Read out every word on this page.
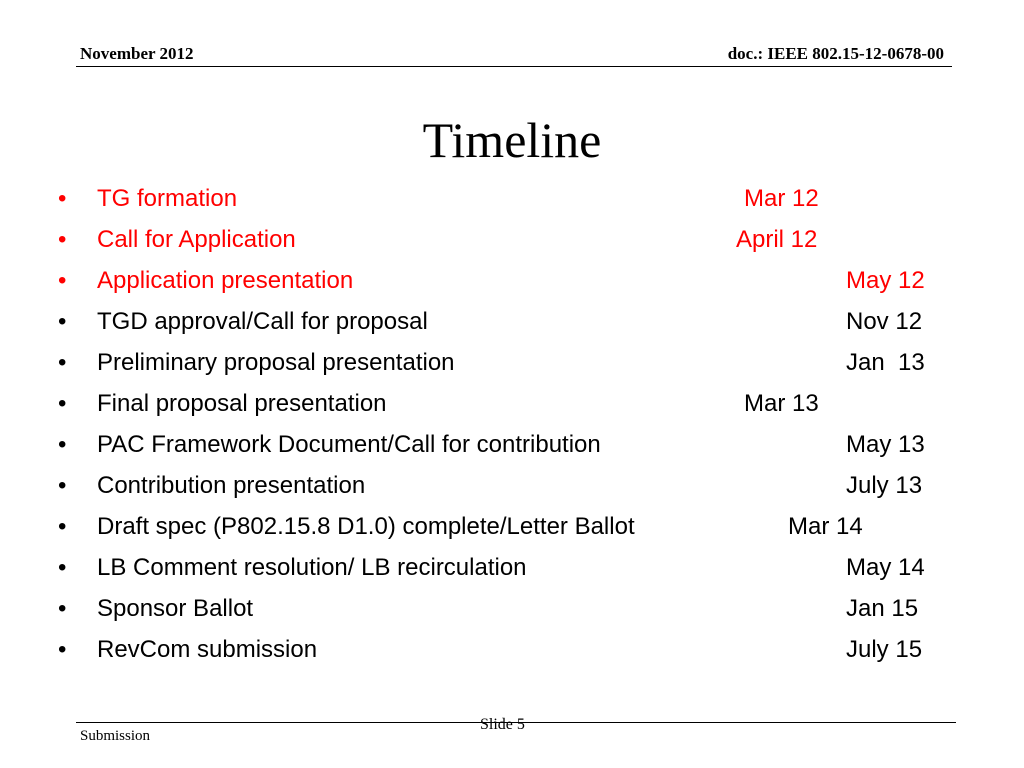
November 2012	doc.: IEEE 802.15-12-0678-00
Timeline
• TG formation	Mar 12
• Call for Application	April 12
• Application presentation	May 12
• TGD approval/Call for proposal	Nov 12
• Preliminary proposal presentation	Jan  13
• Final proposal presentation	Mar 13
• PAC Framework Document/Call for contribution	May 13
• Contribution presentation	July 13
• Draft spec (P802.15.8 D1.0) complete/Letter Ballot	Mar 14
• LB Comment resolution/ LB recirculation	May 14
• Sponsor Ballot	Jan 15
• RevCom submission	July 15
Slide 5
Submission
